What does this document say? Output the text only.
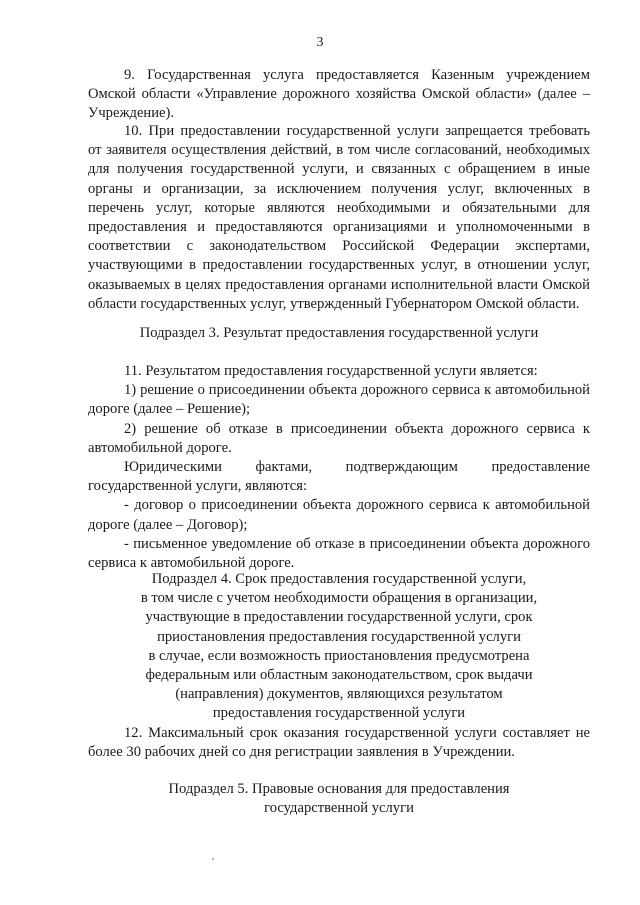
3

9. Государственная услуга предоставляется Казенным учреждением Омской области «Управление дорожного хозяйства Омской области» (далее – Учреждение).

10. При предоставлении государственной услуги запрещается требовать от заявителя осуществления действий, в том числе согласований, необходимых для получения государственной услуги, и связанных с обращением в иные органы и организации, за исключением получения услуг, включенных в перечень услуг, которые являются необходимыми и обязательными для предоставления и предоставляются организациями и уполномоченными в соответствии с законодательством Российской Федерации экспертами, участвующими в предоставлении государственных услуг, в отношении услуг, оказываемых в целях предоставления органами исполнительной власти Омской области государственных услуг, утвержденный Губернатором Омской области.

Подраздел 3. Результат предоставления государственной услуги

11. Результатом предоставления государственной услуги является:

1) решение о присоединении объекта дорожного сервиса к автомобильной дороге (далее – Решение);

2) решение об отказе в присоединении объекта дорожного сервиса к автомобильной дороге.

Юридическими фактами, подтверждающим предоставление государственной услуги, являются:

- договор о присоединении объекта дорожного сервиса к автомобильной дороге (далее – Договор);

- письменное уведомление об отказе в присоединении объекта дорожного сервиса к автомобильной дороге.

Подраздел 4. Срок предоставления государственной услуги,
в том числе с учетом необходимости обращения в организации,
участвующие в предоставлении государственной услуги, срок
приостановления предоставления государственной услуги
в случае, если возможность приостановления предусмотрена
федеральным или областным законодательством, срок выдачи
(направления) документов, являющихся результатом
предоставления государственной услуги

12. Максимальный срок оказания государственной услуги составляет не более 30 рабочих дней со дня регистрации заявления в Учреждении.

Подраздел 5. Правовые основания для предоставления
государственной услуги
